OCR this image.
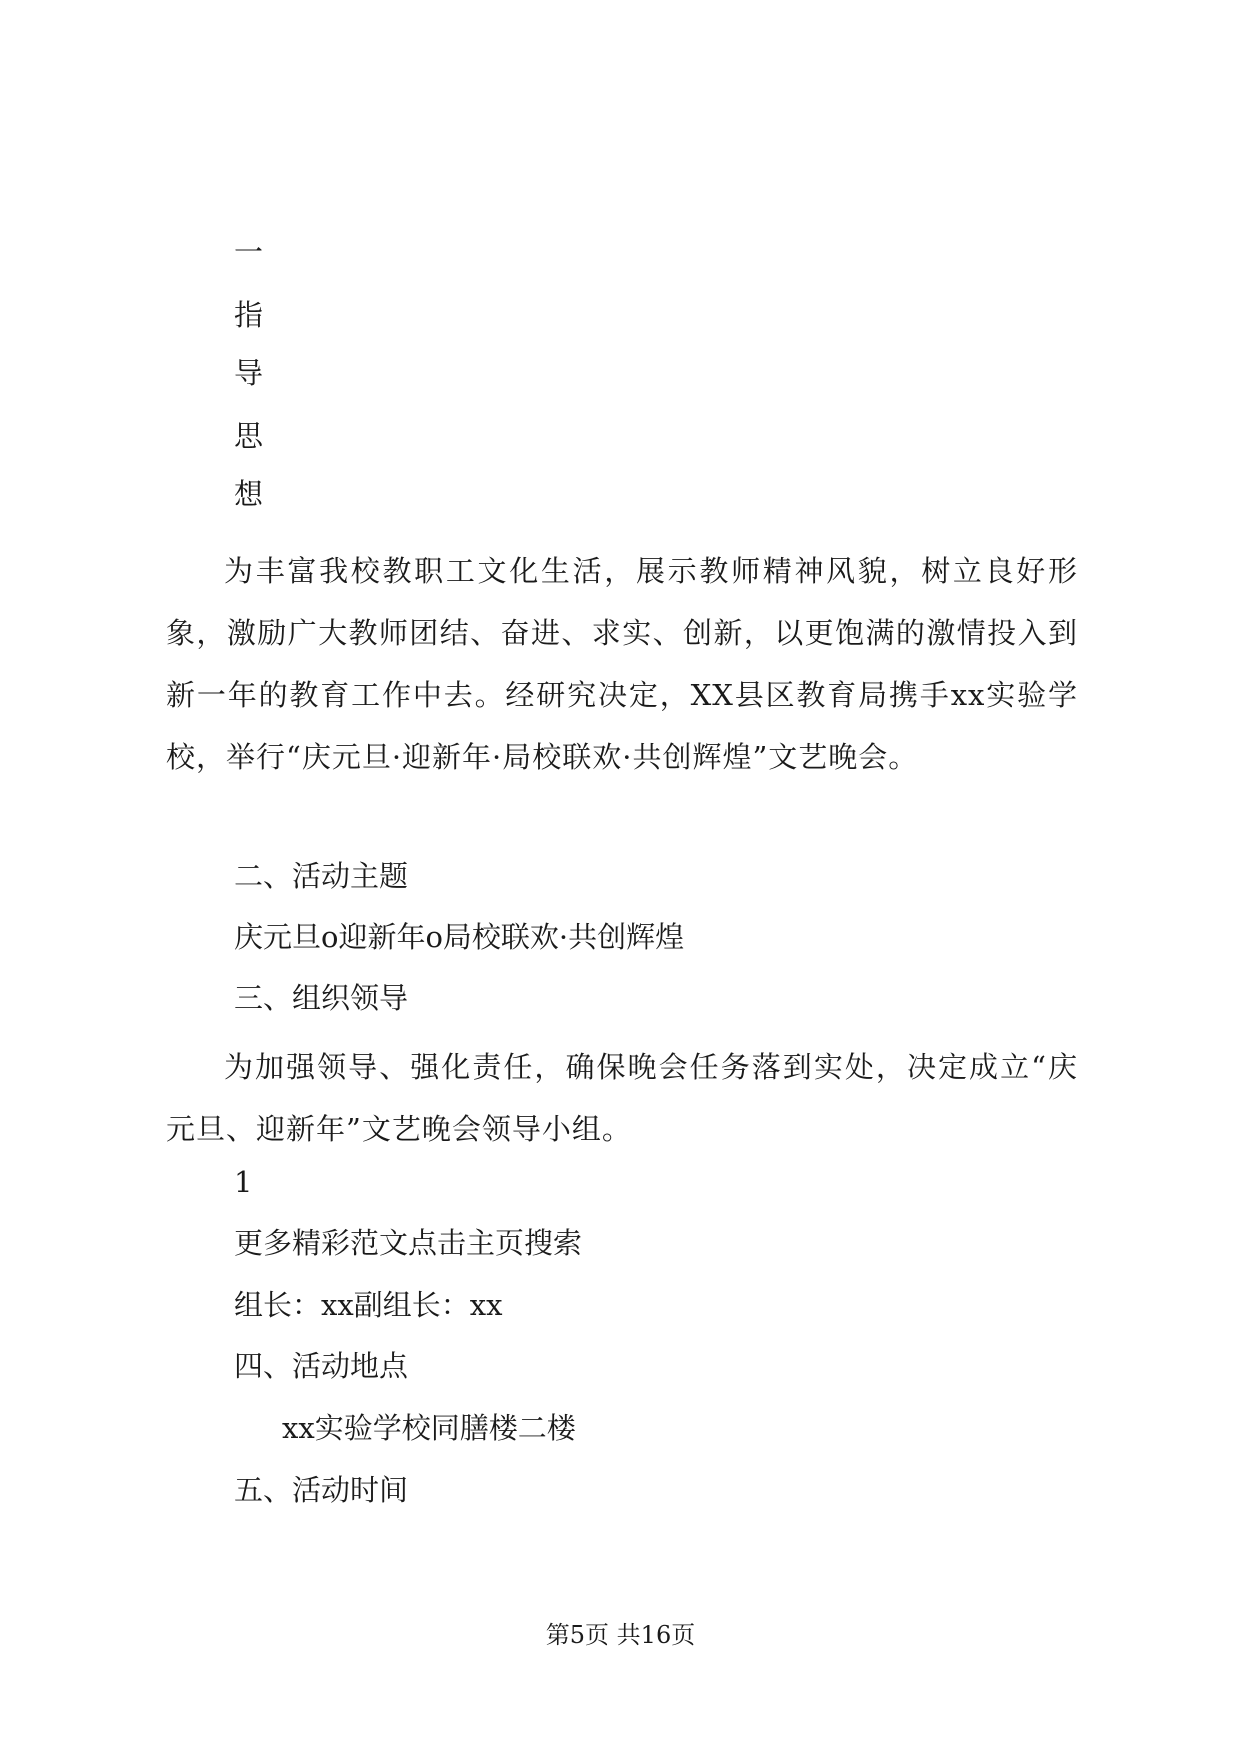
一
指
导
思
想

为丰富我校教职工文化生活，展示教师精神风貌，树立良好形象，激励广大教师团结、奋进、求实、创新，以更饱满的激情投入到新一年的教育工作中去。经研究决定，XX县区教育局携手xx实验学校，举行“庆元旦·迎新年·局校联欢·共创辉煌”文艺晚会。

二、活动主题
庆元旦o迎新年o局校联欢·共创辉煌
三、组织领导

为加强领导、强化责任，确保晚会任务落到实处，决定成立“庆元旦、迎新年”文艺晚会领导小组。

1
更多精彩范文点击主页搜索
组长：xx副组长：xx
四、活动地点
xx实验学校同膳楼二楼
五、活动时间
第5页 共16页
